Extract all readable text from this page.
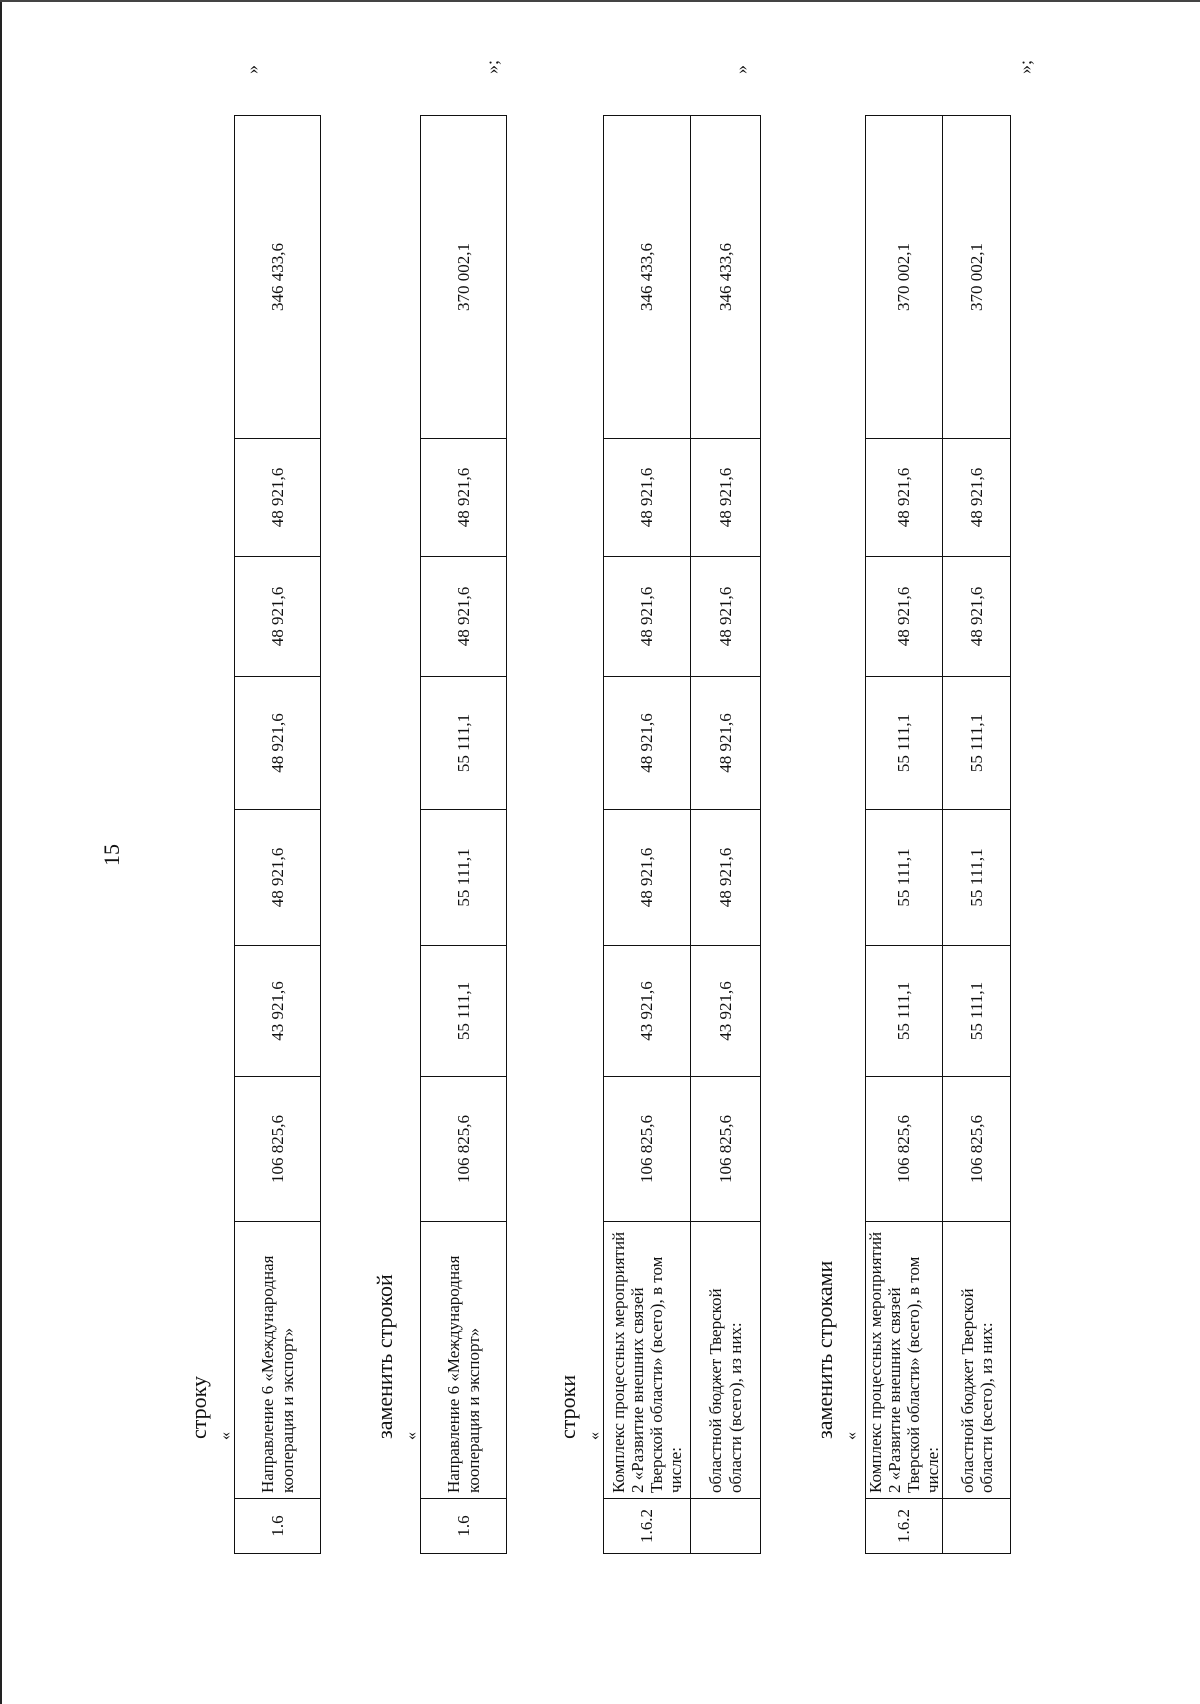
15
строку «
»
1.6	Направление 6 «Международная кооперация и экспорт»	106 825,6	43 921,6	48 921,6	48 921,6	48 921,6	48 921,6	346 433,6
заменить строкой «
»;
1.6	Направление 6 «Международная кооперация и экспорт»	106 825,6	55 111,1	55 111,1	55 111,1	48 921,6	48 921,6	370 002,1
строки «
»
1.6.2	Комплекс процессных мероприятий 2 «Развитие внешних связей Тверской области» (всего), в том числе:	106 825,6	43 921,6	48 921,6	48 921,6	48 921,6	48 921,6	346 433,6
	областной бюджет Тверской области (всего), из них:	106 825,6	43 921,6	48 921,6	48 921,6	48 921,6	48 921,6	346 433,6
заменить строками «
»;
1.6.2	Комплекс процессных мероприятий 2 «Развитие внешних связей Тверской области» (всего), в том числе:	106 825,6	55 111,1	55 111,1	55 111,1	48 921,6	48 921,6	370 002,1
	областной бюджет Тверской области (всего), из них:	106 825,6	55 111,1	55 111,1	55 111,1	48 921,6	48 921,6	370 002,1
